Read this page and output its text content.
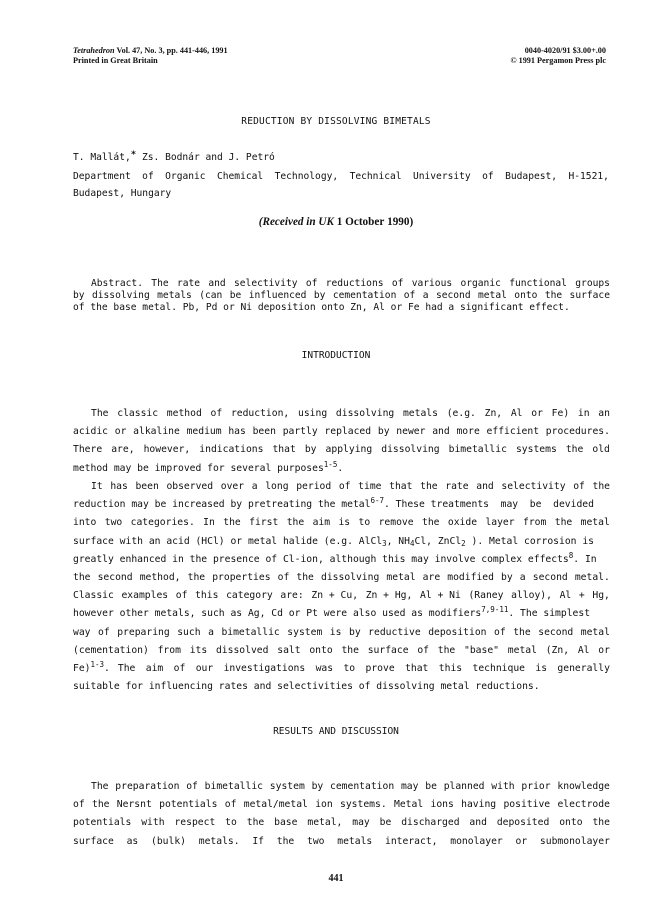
Tetrahedron Vol. 47, No. 3, pp. 441-446, 1991
Printed in Great Britain
0040-4020/91 $3.00+.00
© 1991 Pergamon Press plc
REDUCTION BY DISSOLVING BIMETALS
T. Mallát,* Zs. Bodnár and J. Petró
Department of Organic Chemical Technology, Technical University of Budapest, H-1521,
Budapest, Hungary
(Received in UK 1 October 1990)
Abstract. The rate and selectivity of reductions of various organic functional groups
by dissolving metals (can be influenced by cementation of a second metal onto the surface
of the base metal. Pb, Pd or Ni deposition onto Zn, Al or Fe had a significant effect.
INTRODUCTION
The classic method of reduction, using dissolving metals (e.g. Zn, Al or Fe) in an
acidic or alkaline medium has been partly replaced by newer and more efficient procedures.
There are, however, indications that by applying dissolving bimetallic systems the old
method may be improved for several purposes$^{1-5}$ .
It has been observed over a long period of time that the rate and selectivity of the
reduction may be increased by pretreating the metal$^{6-7}$ . These treatments  may  be  devided
into two categories. In the first the aim is to remove the oxide layer from the metal
surface with an acid (HCl) or metal halide (e.g. AlCl$_3$ , $NH_4$ Cl, ZnCl$_2$ ). Metal corrosion is
greatly enhanced in the presence of Cl-ion, although this may involve complex effects$^8$ . In
the second method, the properties of the dissolving metal are modified by a second metal.
Classic examples of this category are: Zn + Cu, Zn + Hg, Al + Ni (Raney alloy), Al + Hg,
however other metals, such as Ag, Cd or Pt were also used as modifiers$^{7,9-11}$ . The simplest
way of preparing such a bimetallic system is by reductive deposition of the second metal
(cementation) from its dissolved salt onto the surface of the "base" metal (Zn, Al or
Fe)$^{1-3}$. The aim of our investigations was to prove that this technique is generally
suitable for influencing rates and selectivities of dissolving metal reductions.
RESULTS AND DISCUSSION
The preparation of bimetallic system by cementation may be planned with prior knowledge
of the Nersnt potentials of metal/metal ion systems. Metal ions having positive electrode
potentials with respect to the base metal, may be discharged and deposited onto the
surface as (bulk) metals. If the two metals interact, monolayer or submonolayer
441
